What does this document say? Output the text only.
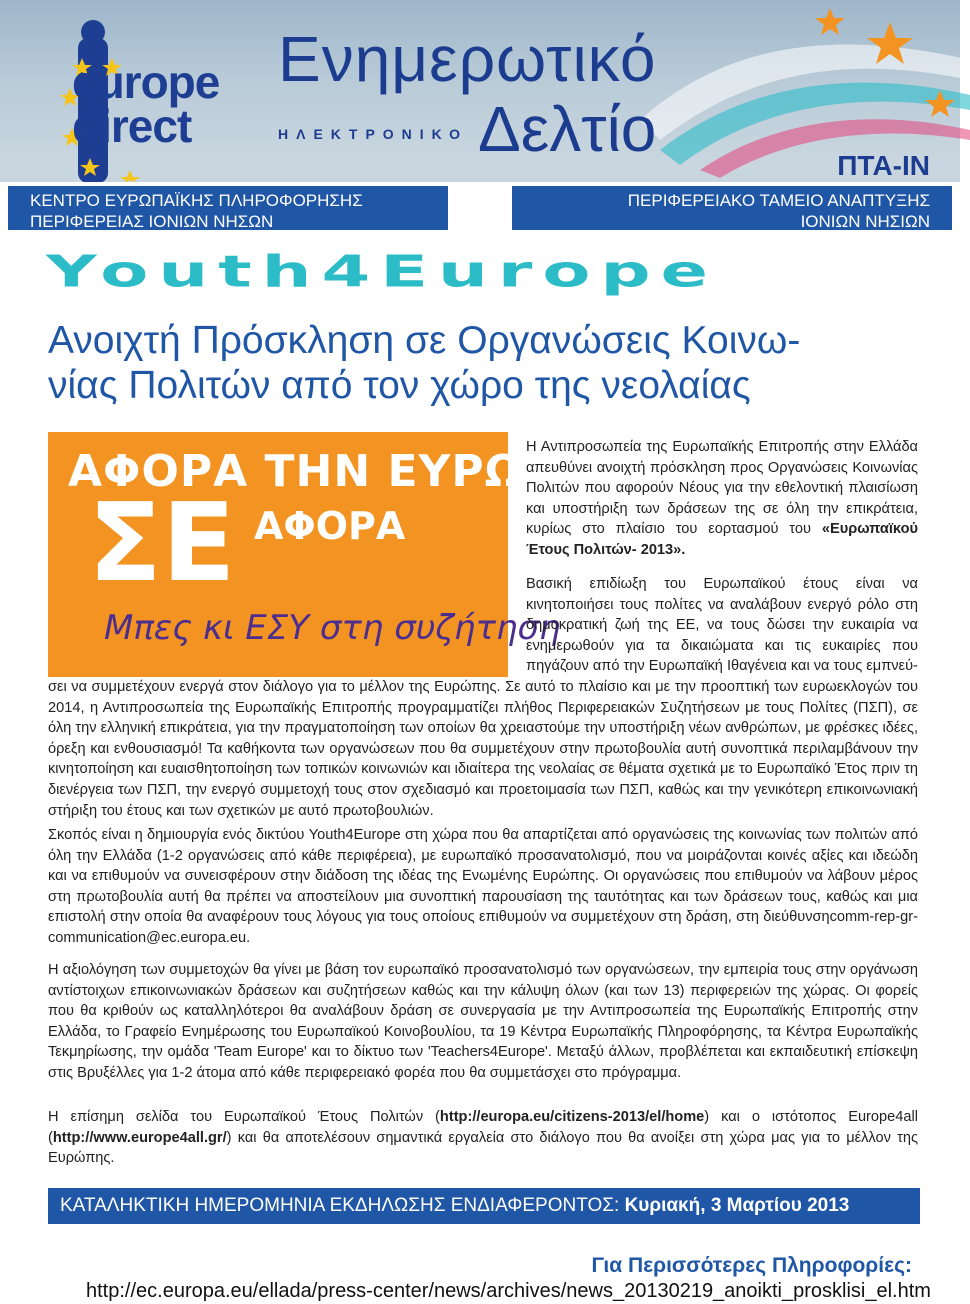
europe
direct
Ενημερωτικό
Δελτίο
ΗΛΕΚΤΡΟΝΙΚΟ
ΠΤΑ-ΙΝ
ΚΕΝΤΡΟ ΕΥΡΩΠΑΪΚΗΣ ΠΛΗΡΟΦΟΡΗΣΗΣ
ΠΕΡΙΦΕΡΕΙΑΣ ΙΟΝΙΩΝ ΝΗΣΩΝ
ΠΕΡΙΦΕΡΕΙΑΚΟ ΤΑΜΕΙΟ ΑΝΑΠΤΥΞΗΣ
ΙΟΝΙΩΝ ΝΗΣΙΩΝ
Youth4Europe
Ανοιχτή Πρόσκληση σε Οργανώσεις Κοινω-
νίας Πολιτών από τον χώρο της νεολαίας
ΑΦΟΡΑ ΤΗΝ ΕΥΡΩΠΗ
ΣΕ ΑΦΟΡΑ
Μπες κι ΕΣΥ στη συζήτηση
Η Αντιπροσωπεία της Ευρωπαϊκής Επιτροπής στην Ελλάδα απευθύνει ανοιχτή πρόσκληση προς Οργανώσεις Κοινωνίας Πολιτών που αφορούν Νέους για την εθελοντική πλαισίωση και υποστήριξη των δράσεων της σε όλη την επικράτεια, κυρίως στο πλαίσιο του εορτασμού του «Ευρωπαϊκού Έτους Πολιτών- 2013».
Βασική επιδίωξη του Ευρωπαϊκού έτους είναι να κινητοποιήσει τους πολίτες να αναλάβουν ενεργό ρόλο στη δημοκρατική ζωή της ΕΕ, να τους δώσει την ευκαιρία να ενημερωθούν για τα δικαιώματα και τις ευκαιρίες που πηγάζουν από την Ευρωπαϊκή Ιθαγένεια και να τους εμπνεύ-
σει να συμμετέχουν ενεργά στον διάλογο για το μέλλον της Ευρώπης. Σε αυτό το πλαίσιο και με την προοπτική των ευρωεκλογών του 2014, η Αντιπροσωπεία της Ευρωπαϊκής Επιτροπής προγραμματίζει πλήθος Περιφερειακών Συζητήσεων με τους Πολίτες (ΠΣΠ), σε όλη την ελληνική επικράτεια, για την πραγματοποίηση των οποίων θα χρειαστούμε την υποστήριξη νέων ανθρώπων, με φρέσκες ιδέες, όρεξη και ενθουσιασμό! Τα καθήκοντα των οργανώσεων που θα συμμετέχουν στην πρωτοβουλία αυτή συνοπτικά περιλαμβάνουν την κινητοποίηση και ευαισθητοποίηση των τοπικών κοινωνιών και ιδιαίτερα της νεολαίας σε θέματα σχετικά με το Ευρωπαϊκό Έτος πριν τη διενέργεια των ΠΣΠ, την ενεργό συμμετοχή τους στον σχεδιασμό και προετοιμασία των ΠΣΠ, καθώς και την γενικότερη επικοινωνιακή στήριξη του έτους και των σχετικών με αυτό πρωτοβουλιών.
Σκοπός είναι η δημιουργία ενός δικτύου Youth4Europe στη χώρα που θα απαρτίζεται από οργανώσεις της κοινωνίας των πολιτών από όλη την Ελλάδα (1-2 οργανώσεις από κάθε περιφέρεια), με ευρωπαϊκό προσανατολισμό, που να μοιράζονται κοινές αξίες και ιδεώδη και να επιθυμούν να συνεισφέρουν στην διάδοση της ιδέας της Ενωμένης Ευρώπης. Οι οργανώσεις που επιθυμούν να λάβουν μέρος στη πρωτοβουλία αυτή θα πρέπει να αποστείλουν μια συνοπτική παρουσίαση της ταυτότητας και των δράσεων τους, καθώς και μια επιστολή στην οποία θα αναφέρουν τους λόγους για τους οποίους επιθυμούν να συμμετέχουν στη δράση, στη διεύθυνσηcomm-rep-gr-communication@ec.europa.eu.
Η αξιολόγηση των συμμετοχών θα γίνει με βάση τον ευρωπαϊκό προσανατολισμό των οργανώσεων, την εμπειρία τους στην οργάνωση αντίστοιχων επικοινωνιακών δράσεων και συζητήσεων καθώς και την κάλυψη όλων (και των 13) περιφερειών της χώρας. Οι φορείς που θα κριθούν ως καταλληλότεροι θα αναλάβουν δράση σε συνεργασία με την Αντιπροσωπεία της Ευρωπαϊκής Επιτροπής στην Ελλάδα, το Γραφείο Ενημέρωσης του Ευρωπαϊκού Κοινοβουλίου, τα 19 Κέντρα Ευρωπαϊκής Πληροφόρησης, τα Κέντρα Ευρωπαϊκής Τεκμηρίωσης, την ομάδα 'Team Europe' και το δίκτυο των 'Teachers4Europe'. Μεταξύ άλλων, προβλέπεται και εκπαιδευτική επίσκεψη στις Βρυξέλλες για 1-2 άτομα από κάθε περιφερειακό φορέα που θα συμμετάσχει στο πρόγραμμα.
Η επίσημη σελίδα του Ευρωπαϊκού Έτους Πολιτών (http://europa.eu/citizens-2013/el/home) και ο ιστότοπος Europe4all (http://www.europe4all.gr/) και θα αποτελέσουν σημαντικά εργαλεία στο διάλογο που θα ανοίξει στη χώρα μας για το μέλλον της Ευρώπης.
ΚΑΤΑΛΗΚΤΙΚΗ ΗΜΕΡΟΜΗΝΙΑ ΕΚΔΗΛΩΣΗΣ ΕΝΔΙΑΦΕΡΟΝΤΟΣ: Κυριακή, 3 Μαρτίου 2013
Για Περισσότερες Πληροφορίες:
http://ec.europa.eu/ellada/press-center/news/archives/news_20130219_anoikti_prosklisi_el.htm
